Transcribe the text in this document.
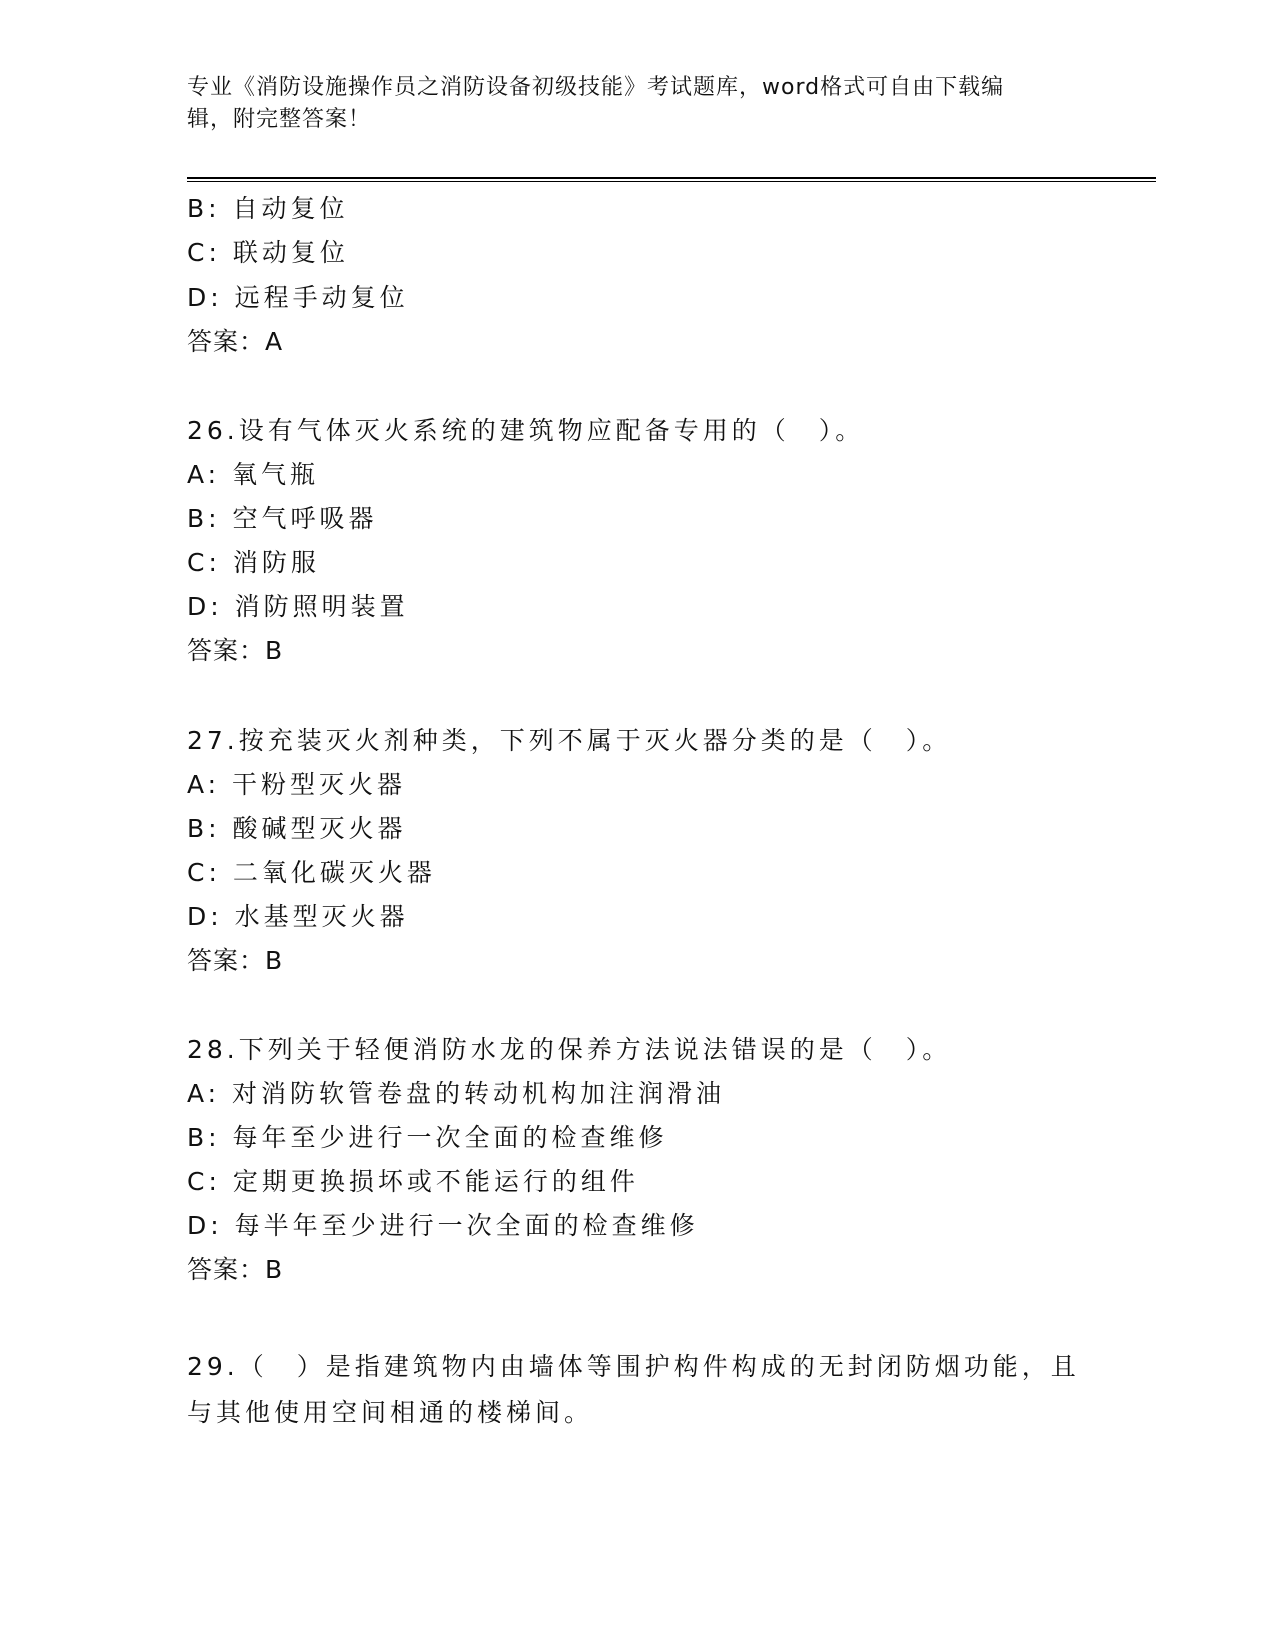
专业《消防设施操作员之消防设备初级技能》考试题库，word格式可自由下载编
辑，附完整答案！
B: 自动复位
C: 联动复位
D: 远程手动复位
答案：A
26.设有气体灭火系统的建筑物应配备专用的（　）。
A: 氧气瓶
B: 空气呼吸器
C: 消防服
D: 消防照明装置
答案：B
27.按充装灭火剂种类，下列不属于灭火器分类的是（　）。
A: 干粉型灭火器
B: 酸碱型灭火器
C: 二氧化碳灭火器
D: 水基型灭火器
答案：B
28.下列关于轻便消防水龙的保养方法说法错误的是（　）。
A: 对消防软管卷盘的转动机构加注润滑油
B: 每年至少进行一次全面的检查维修
C: 定期更换损坏或不能运行的组件
D: 每半年至少进行一次全面的检查维修
答案：B
29.（　）是指建筑物内由墙体等围护构件构成的无封闭防烟功能，且与其他使用空间相通的楼梯间。
